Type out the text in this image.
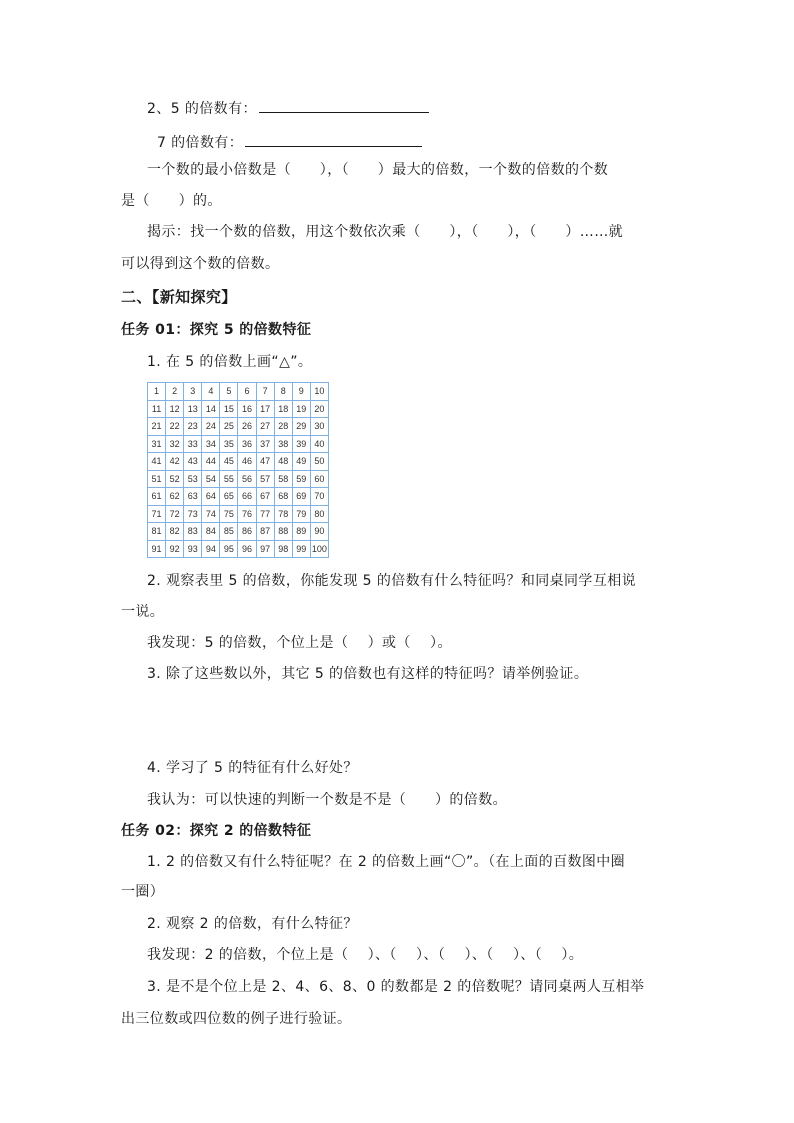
2、5 的倍数有：
7 的倍数有：
一个数的最小倍数是（　　），（　　）最大的倍数，一个数的倍数的个数
是（　　）的。
揭示：找一个数的倍数，用这个数依次乘（　　），（　　），（　　）……就
可以得到这个数的倍数。
二、【新知探究】
任务 01：探究 5 的倍数特征
1. 在 5 的倍数上画“△”。
1	2	3	4	5	6	7	8	9	10
11	12	13	14	15	16	17	18	19	20
21	22	23	24	25	26	27	28	29	30
31	32	33	34	35	36	37	38	39	40
41	42	43	44	45	46	47	48	49	50
51	52	53	54	55	56	57	58	59	60
61	62	63	64	65	66	67	68	69	70
71	72	73	74	75	76	77	78	79	80
81	82	83	84	85	86	87	88	89	90
91	92	93	94	95	96	97	98	99	100
2. 观察表里 5 的倍数，你能发现 5 的倍数有什么特征吗？和同桌同学互相说
一说。
我发现：5 的倍数，个位上是（　 ）或（　 ）。
3. 除了这些数以外，其它 5 的倍数也有这样的特征吗？请举例验证。
4. 学习了 5 的特征有什么好处？
我认为：可以快速的判断一个数是不是（　　）的倍数。
任务 02：探究 2 的倍数特征
1. 2 的倍数又有什么特征呢？在 2 的倍数上画“〇”。（在上面的百数图中圈
一圈）
2. 观察 2 的倍数，有什么特征？
我发现：2 的倍数，个位上是（　 ）、（　 ）、（　 ）、（　 ）、（　 ）。
3. 是不是个位上是 2、4、6、8、0 的数都是 2 的倍数呢？请同桌两人互相举
出三位数或四位数的例子进行验证。
